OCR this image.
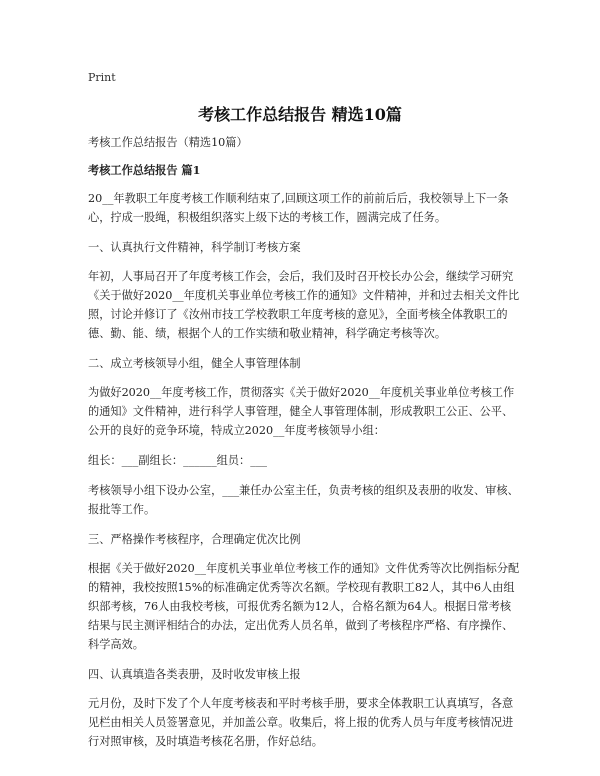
Print
考核工作总结报告 精选10篇

考核工作总结报告（精选10篇）

考核工作总结报告 篇1

20__年教职工年度考核工作顺利结束了,回顾这项工作的前前后后，我校领导上下一条心，拧成一股绳，积极组织落实上级下达的考核工作，圆满完成了任务。

一、认真执行文件精神，科学制订考核方案

年初，人事局召开了年度考核工作会，会后，我们及时召开校长办公会，继续学习研究《关于做好2020__年度机关事业单位考核工作的通知》文件精神，并和过去相关文件比照，讨论并修订了《汝州市技工学校教职工年度考核的意见》，全面考核全体教职工的德、勤、能、绩，根据个人的工作实绩和敬业精神，科学确定考核等次。

二、成立考核领导小组，健全人事管理体制

为做好2020__年度考核工作，贯彻落实《关于做好2020__年度机关事业单位考核工作的通知》文件精神，进行科学人事管理，健全人事管理体制，形成教职工公正、公平、公开的良好的竞争环境，特成立2020__年度考核领导小组：

组长：___副组长：______组员：___

考核领导小组下设办公室，___兼任办公室主任，负责考核的组织及表册的收发、审核、报批等工作。

三、严格操作考核程序，合理确定优次比例

根据《关于做好2020__年度机关事业单位考核工作的通知》文件优秀等次比例指标分配的精神，我校按照15%的标准确定优秀等次名额。学校现有教职工82人，其中6人由组织部考核，76人由我校考核，可报优秀名额为12人，合格名额为64人。根据日常考核结果与民主测评相结合的办法，定出优秀人员名单，做到了考核程序严格、有序操作、科学高效。

四、认真填造各类表册，及时收发审核上报

元月份，及时下发了个人年度考核表和平时考核手册，要求全体教职工认真填写，各意见栏由相关人员签署意见，并加盖公章。收集后，将上报的优秀人员与年度考核情况进行对照审核，及时填造考核花名册，作好总结。
